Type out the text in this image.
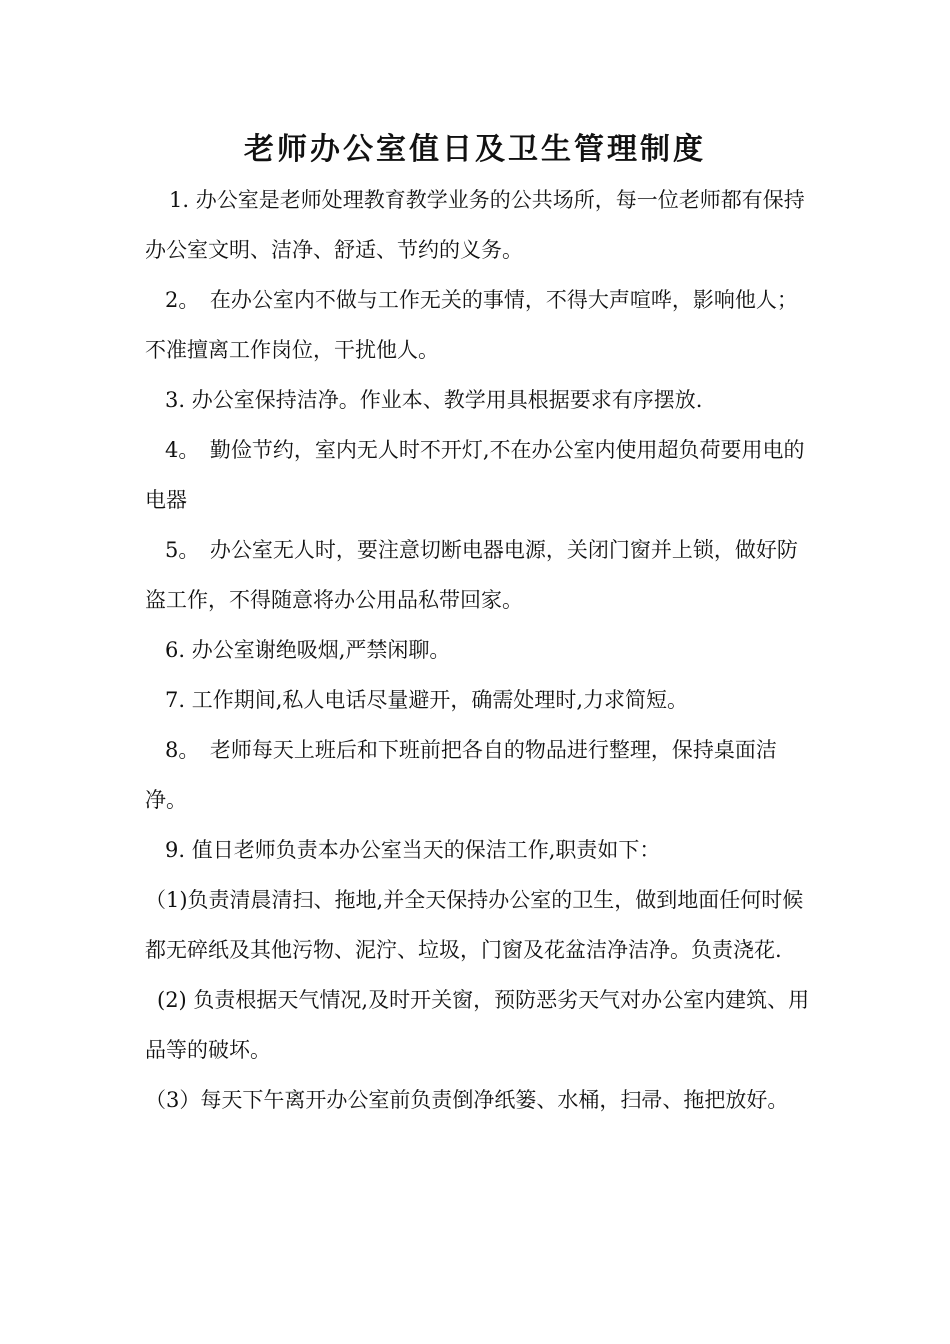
老师办公室值日及卫生管理制度

1. 办公室是老师处理教育教学业务的公共场所，每一位老师都有保持办公室文明、洁净、舒适、节约的义务。

2。　在办公室内不做与工作无关的事情，不得大声喧哗，影响他人；不准擅离工作岗位，干扰他人。

3. 办公室保持洁净。作业本、教学用具根据要求有序摆放.

4。　勤俭节约，室内无人时不开灯,不在办公室内使用超负荷要用电的电器

5。　办公室无人时，要注意切断电器电源，关闭门窗并上锁，做好防盗工作，不得随意将办公用品私带回家。

6. 办公室谢绝吸烟,严禁闲聊。

7. 工作期间,私人电话尽量避开，确需处理时,力求简短。

8。　老师每天上班后和下班前把各自的物品进行整理，保持桌面洁净。

9. 值日老师负责本办公室当天的保洁工作,职责如下：

（1)负责清晨清扫、拖地,并全天保持办公室的卫生，做到地面任何时候都无碎纸及其他污物、泥泞、垃圾，门窗及花盆洁净洁净。负责浇花.

(2) 负责根据天气情况,及时开关窗，预防恶劣天气对办公室内建筑、用品等的破坏。

（3）每天下午离开办公室前负责倒净纸篓、水桶，扫帚、拖把放好。
